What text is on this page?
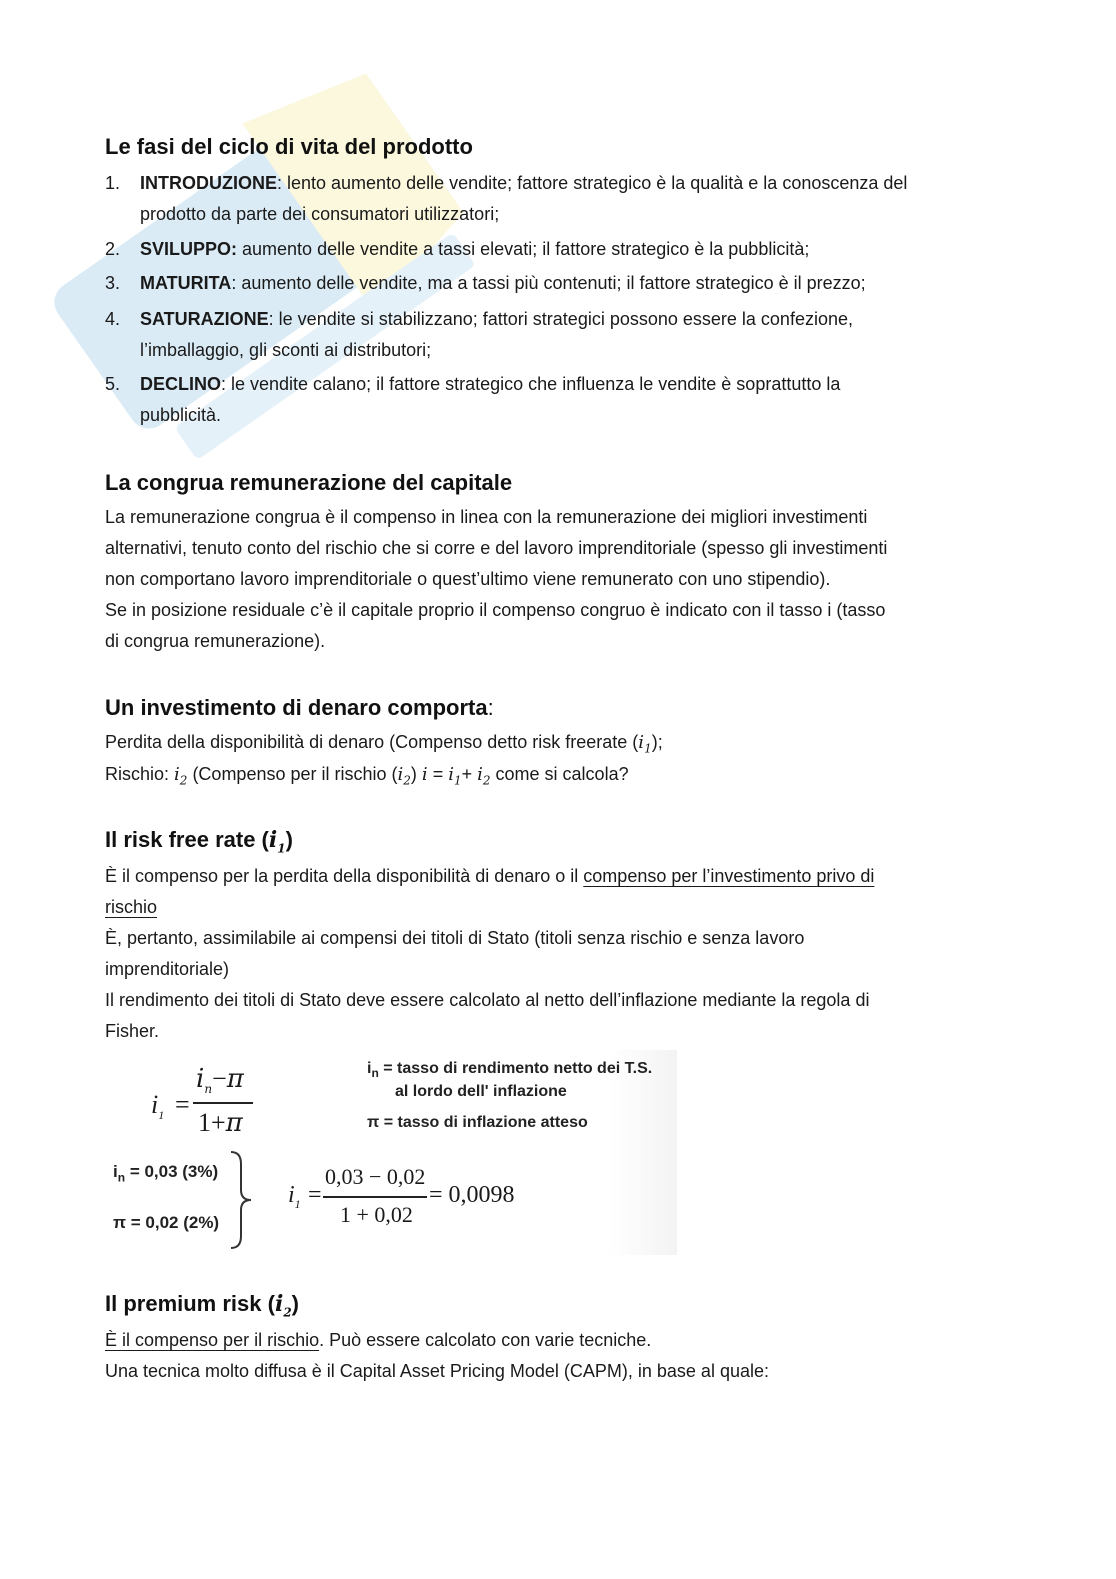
Le fasi del ciclo di vita del prodotto
1.	INTRODUZIONE: lento aumento delle vendite; fattore strategico è la qualità e la conoscenza del
prodotto da parte dei consumatori utilizzatori;
2.	SVILUPPO: aumento delle vendite a tassi elevati; il fattore strategico è la pubblicità;
3.	MATURITA: aumento delle vendite, ma a tassi più contenuti; il fattore strategico è il prezzo;
4.	SATURAZIONE: le vendite si stabilizzano; fattori strategici possono essere la confezione,
l’imballaggio, gli sconti ai distributori;
5.	DECLINO: le vendite calano; il fattore strategico che influenza le vendite è soprattutto la
pubblicità.
La congrua remunerazione del capitale

La remunerazione congrua è il compenso in linea con la remunerazione dei migliori investimenti

alternativi, tenuto conto del rischio che si corre e del lavoro imprenditoriale (spesso gli investimenti

non comportano lavoro imprenditoriale o quest’ultimo viene remunerato con uno stipendio).

Se in posizione residuale c’è il capitale proprio il compenso congruo è indicato con il tasso i (tasso

di congrua remunerazione).

Un investimento di denaro comporta:

Perdita della disponibilità di denaro (Compenso detto risk freerate $(i_1)$;

Rischio: $i_2$ (Compenso per il rischio $(i_2) i = i_1+ i_2$ come si calcola?

Il risk free rate $(i_1)$

È il compenso per la perdita della disponibilità di denaro o il compenso per l’investimento privo di

rischio

È, pertanto, assimilabile ai compensi dei titoli di Stato (titoli senza rischio e senza lavoro

imprenditoriale)

Il rendimento dei titoli di Stato deve essere calcolato al netto dell’inflazione mediante la regola di

Fisher.

$i_1$ =
$i_n-\pi$
1+π
$i_n$ = tasso di rendimento netto dei T.S.
al lordo dell' inflazione
π = tasso di inflazione atteso
$i_n = 0,03$ (3%)
π = 0,02 (2%)
$i_1$ =
0,03 − 0,02
1 + 0,02
= 0,0098
Il premium risk $(i_2)$

È il compenso per il rischio. Può essere calcolato con varie tecniche.

Una tecnica molto diffusa è il Capital Asset Pricing Model (CAPM), in base al quale:
